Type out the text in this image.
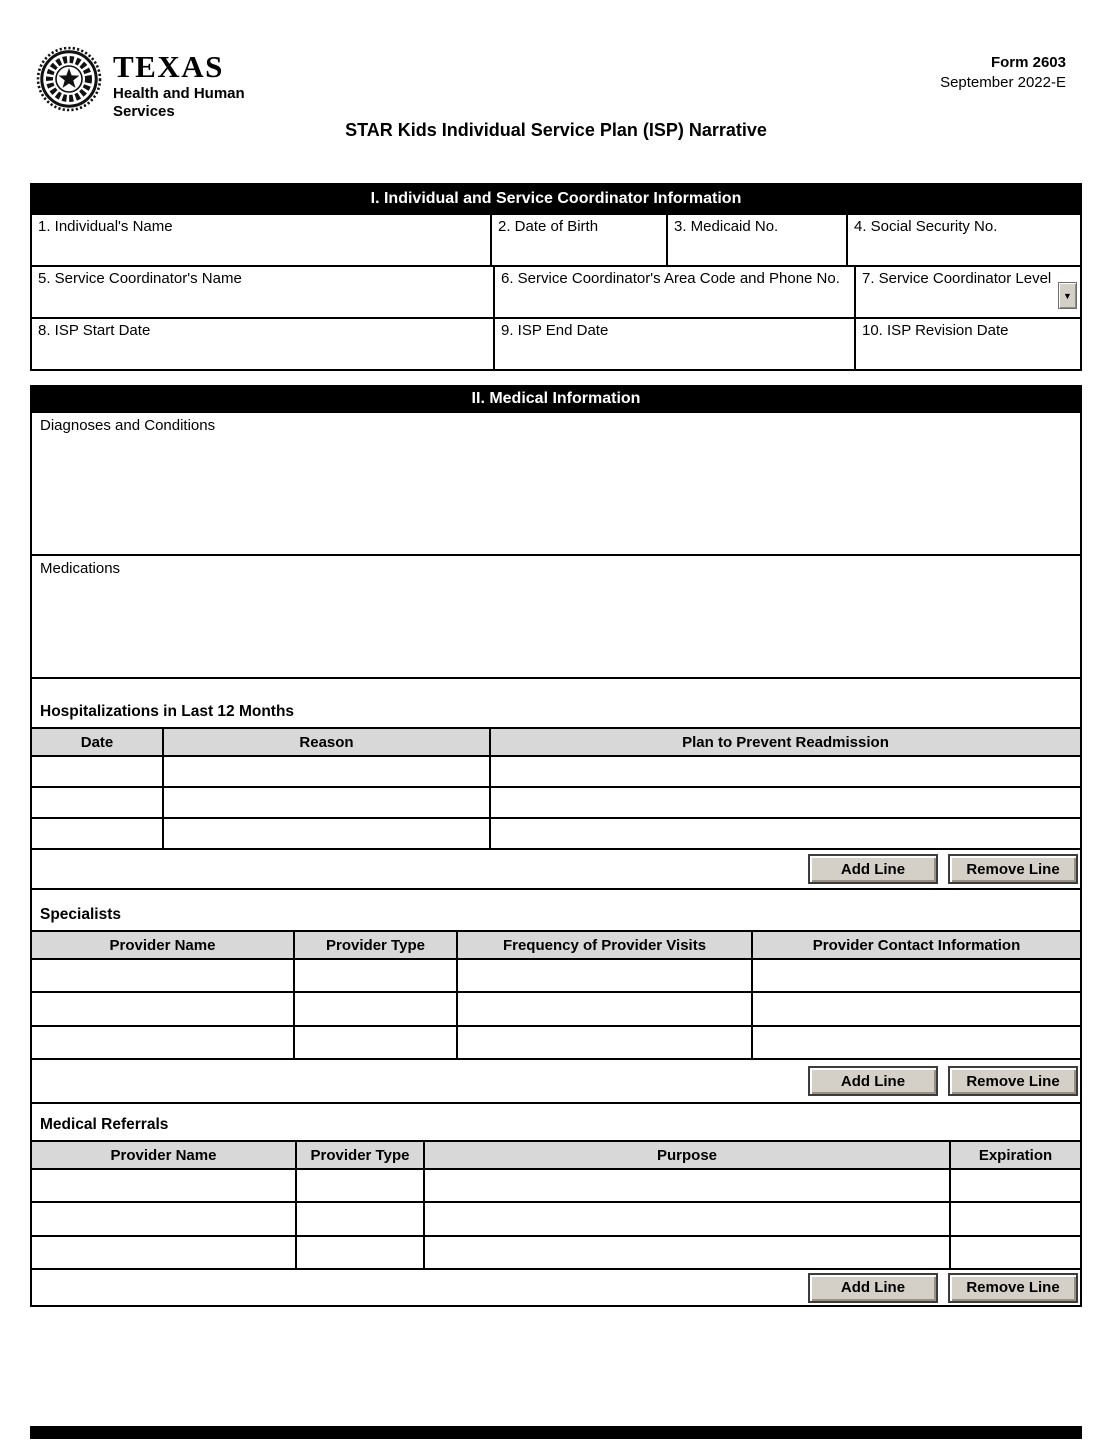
TEXAS
Health and Human
Services
Form 2603
September 2022-E
STAR Kids Individual Service Plan (ISP) Narrative
I. Individual and Service Coordinator Information
1. Individual's Name	2. Date of Birth	3. Medicaid No.	4. Social Security No.
5. Service Coordinator's Name	6. Service Coordinator's Area Code and Phone No.	7. Service Coordinator Level
▼
8. ISP Start Date	9. ISP End Date	10. ISP Revision Date
II. Medical Information
Diagnoses and Conditions
Medications
Hospitalizations in Last 12 Months
Date	Reason	Plan to Prevent Readmission

Add Line	Remove Line
Specialists
Provider Name	Provider Type	Frequency of Provider Visits	Provider Contact Information

Add Line	Remove Line
Medical Referrals
Provider Name	Provider Type	Purpose	Expiration

Add Line	Remove Line
